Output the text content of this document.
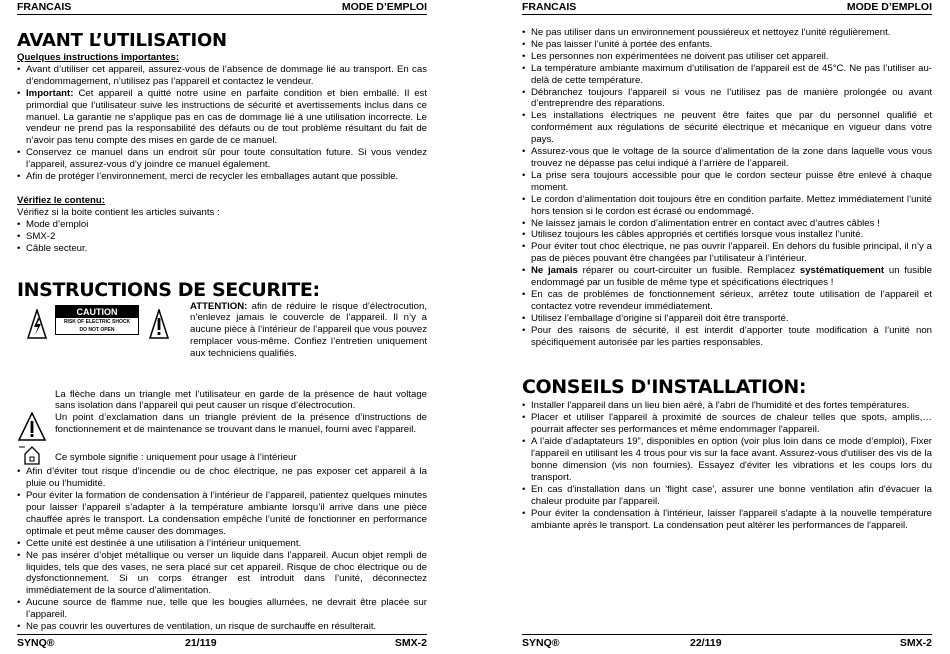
FRANCAIS	MODE D’EMPLOI
AVANT L’UTILISATION
Quelques instructions importantes:
• Avant d’utiliser cet appareil, assurez-vous de l’absence de dommage lié au transport. En cas d’endommagement, n’utilisez pas l’appareil et contactez le vendeur.
• Important: Cet appareil a quitté notre usine en parfaite condition et bien emballé. Il est primordial que l’utilisateur suive les instructions de sécurité et avertissements inclus dans ce manuel. La garantie ne s’applique pas en cas de dommage lié à une utilisation incorrecte. Le vendeur ne prend pas la responsabilité des défauts ou de tout problème résultant du fait de n’avoir pas tenu compte des mises en garde de ce manuel.
• Conservez ce manuel dans un endroit sûr pour toute consultation future. Si vous vendez l’appareil, assurez-vous d’y joindre ce manuel également.
• Afin de protéger l’environnement, merci de recycler les emballages autant que possible.
Vérifiez le contenu:
Vérifiez si la boite contient les articles suivants :
• Mode d’emploi
• SMX-2
• Câble secteur.
INSTRUCTIONS DE SECURITE:
CAUTION
RISK OF ELECTRIC SHOCK
DO NOT OPEN

ATTENTION: afin de réduire le risque d’électrocution, n’enlevez jamais le couvercle de l’appareil. Il n’y a aucune pièce à l’intérieur de l’appareil que vous pouvez remplacer vous-même. Confiez l’entretien uniquement aux techniciens qualifiés.

La flèche dans un triangle met l’utilisateur en garde de la présence de haut voltage sans isolation dans l’appareil qui peut causer un risque d’électrocution.

Un point d’exclamation dans un triangle prévient de la présence d’instructions de fonctionnement et de maintenance se trouvant dans le manuel, fourni avec l’appareil.

Ce symbole signifie : uniquement pour usage à l’intérieur

• Afin d’éviter tout risque d’incendie ou de choc électrique, ne pas exposer cet appareil à la pluie ou l’humidité.
• Pour éviter la formation de condensation à l’intérieur de l’appareil, patientez quelques minutes pour laisser l’appareil s’adapter à la température ambiante lorsqu’il arrive dans une pièce chauffée après le transport. La condensation empêche l’unité de fonctionner en performance optimale et peut même causer des dommages.
• Cette unité est destinée à une utilisation à l’intérieur uniquement.
• Ne pas insérer d’objet métallique ou verser un liquide dans l’appareil. Aucun objet rempli de liquides, tels que des vases, ne sera placé sur cet appareil. Risque de choc électrique ou de dysfonctionnement. Si un corps étranger est introduit dans l’unité, déconnectez immédiatement de la source d’alimentation.
• Aucune source de flamme nue, telle que les bougies allumées, ne devrait être placée sur l’appareil.
• Ne pas couvrir les ouvertures de ventilation, un risque de surchauffe en résulterait.
SYNQ®	21/119	SMX-2
FRANCAIS	MODE D’EMPLOI
• Ne pas utiliser dans un environnement poussiéreux et nettoyez l’unité régulièrement.
• Ne pas laisser l’unité à portée des enfants.
• Les personnes non expérimentées ne doivent pas utiliser cet appareil.
• La température ambiante maximum d’utilisation de l’appareil est de 45°C. Ne pas l’utiliser au-delà de cette température.
• Débranchez toujours l’appareil si vous ne l’utilisez pas de manière prolongée ou avant d’entreprendre des réparations.
• Les installations électriques ne peuvent être faites que par du personnel qualifié et conformément aux régulations de sécurité électrique et mécanique en vigueur dans votre pays.
• Assurez-vous que le voltage de la source d’alimentation de la zone dans laquelle vous vous trouvez ne dépasse pas celui indiqué à l’arrière de l’appareil.
• La prise sera toujours accessible pour que le cordon secteur puisse être enlevé à chaque moment.
• Le cordon d’alimentation doit toujours être en condition parfaite. Mettez immédiatement l’unité hors tension si le cordon est écrasé ou endommagé.
• Ne laissez jamais le cordon d’alimentation entrer en contact avec d’autres câbles !
• Utilisez toujours les câbles appropriés et certifiés lorsque vous installez l’unité.
• Pour éviter tout choc électrique, ne pas ouvrir l’appareil. En dehors du fusible principal, il n’y a pas de pièces pouvant être changées par l’utilisateur à l’intérieur.
• Ne jamais réparer ou court-circuiter un fusible. Remplacez systématiquement un fusible endommagé par un fusible de même type et spécifications électriques !
• En cas de problèmes de fonctionnement sérieux, arrêtez toute utilisation de l’appareil et contactez votre revendeur immédiatement.
• Utilisez l’emballage d’origine si l’appareil doit être transporté.
• Pour des raisons de sécurité, il est interdit d’apporter toute modification à l’unité non spécifiquement autorisée par les parties responsables.
CONSEILS D'INSTALLATION:
• Installer l'appareil dans un lieu bien aéré, à l'abri de l'humidité et des fortes températures.
• Placer et utiliser l'appareil à proximité de sources de chaleur telles que spots, amplis,… pourrait affecter ses performances et même endommager l'appareil.
• A l’aide d’adaptateurs 19”, disponibles en option (voir plus loin dans ce mode d’emploi), Fixer l'appareil en utilisant les 4 trous pour vis sur la face avant. Assurez-vous d'utiliser des vis de la bonne dimension (vis non fournies). Essayez d'éviter les vibrations et les coups lors du transport.
• En cas d'installation dans un 'flight case', assurer une bonne ventilation afin d'évacuer la chaleur produite par l'appareil.
• Pour éviter la condensation à l'intérieur, laisser l'appareil s'adapte à la nouvelle température ambiante après le transport. La condensation peut altérer les performances de l'appareil.
SYNQ®	22/119	SMX-2
